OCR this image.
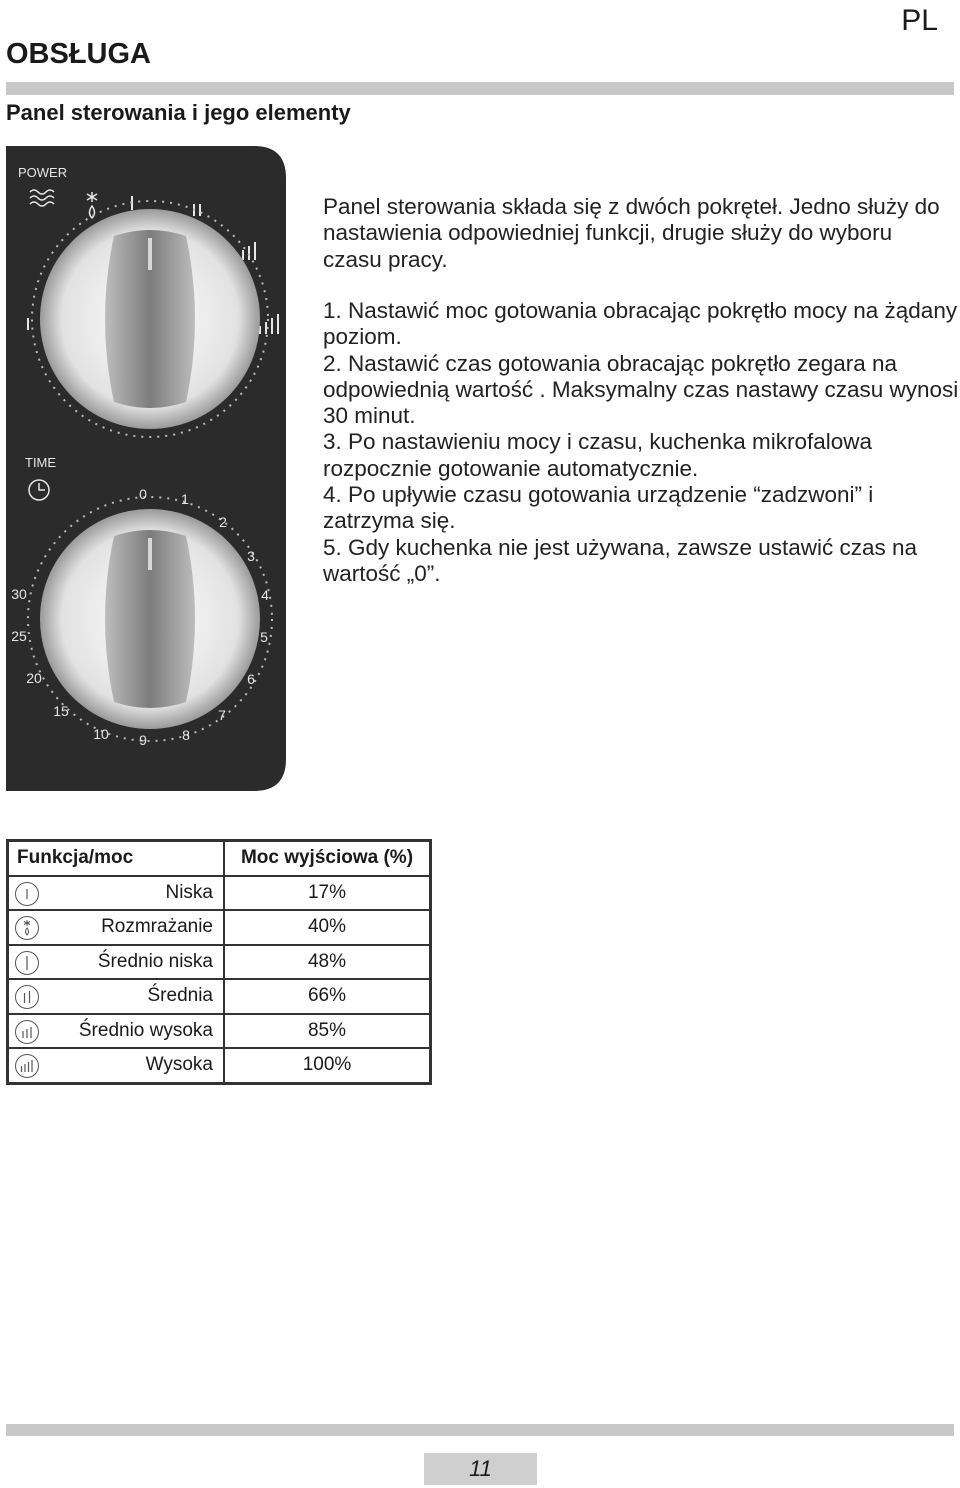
PL
OBSŁUGA
Panel sterowania i jego elementy
POWER
TIME
0 1
2
3
4
5
6
7
8
9
10
15
20
25
30

Panel sterowania składa się z dwóch pokręteł. Jedno służy do nastawienia odpowiedniej funkcji, drugie służy do wyboru czasu pracy.

1. Nastawić moc gotowania obracając pokrętło mocy na żądany poziom.
2. Nastawić czas gotowania obracając pokrętło zegara na odpowiednią wartość . Maksymalny czas nastawy czasu wynosi 30 minut.
3. Po nastawieniu mocy i czasu, kuchenka mikrofalowa rozpocznie gotowanie automatycznie.
4. Po upływie czasu gotowania urządzenie “zadzwoni” i zatrzyma się.
5. Gdy kuchenka nie jest używana, zawsze ustawić czas na wartość „0”.
Funkcja/moc	Moc wyjściowa (%)

Niska	17%

Rozmrażanie	40%

Średnio niska	48%

Średnia	66%

Średnio wysoka	85%

Wysoka	100%
11
